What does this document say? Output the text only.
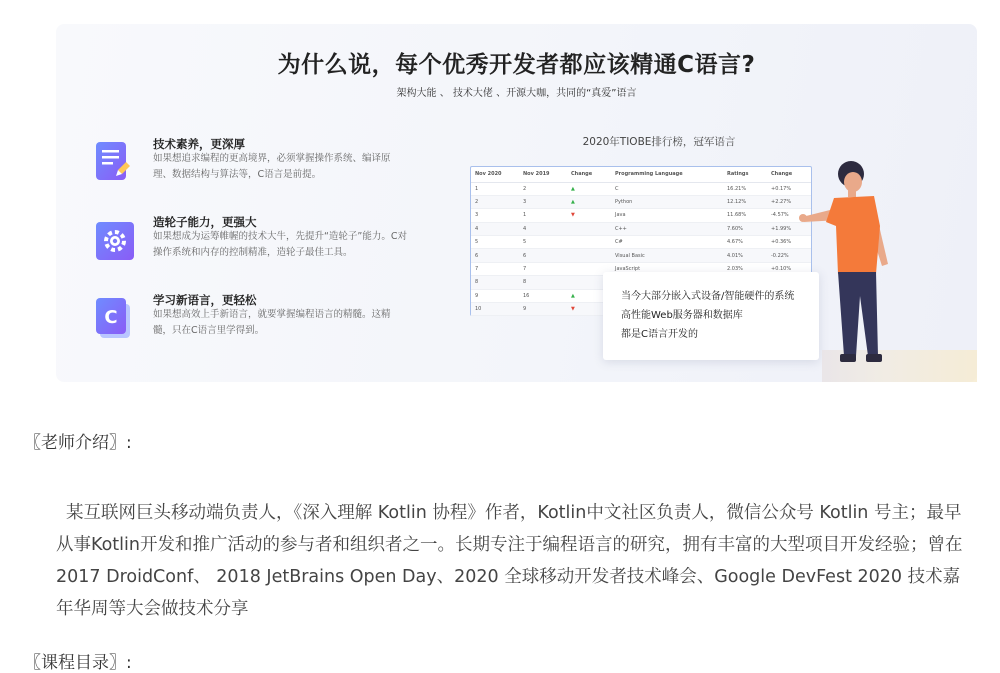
为什么说，每个优秀开发者都应该精通C语言?
架构大能 、 技术大佬 、开源大咖，共同的“真爱”语言
技术素养，更深厚
如果想追求编程的更高境界，必须掌握操作系统、编译原理、数据结构与算法等，C语言是前提。
造轮子能力，更强大
如果想成为运筹帷幄的技术大牛，先提升“造轮子”能力。C对操作系统和内存的控制精准，造轮子最佳工具。
C
学习新语言，更轻松
如果想高效上手新语言，就要掌握编程语言的精髓。这精髓，只在C语言里学得到。
2020年TIOBE排行榜，冠军语言
Nov 2020	Nov 2019	Change	Programming Language	Ratings	Change
1	2	▲	C	16.21%	+0.17%
2	3	▲	Python	12.12%	+2.27%
3	1	▼	Java	11.68%	-4.57%
4	4		C++	7.60%	+1.99%
5	5		C#	4.67%	+0.36%
6	6		Visual Basic	4.01%	-0.22%
7	7		JavaScript	2.03%	+0.10%
8	8				
9	16	▲			
10	9	▼			
当今大部分嵌入式设备/智能硬件的系统
高性能Web服务器和数据库
都是C语言开发的
〖老师介绍〗:
某互联网巨头移动端负责人，《深入理解 Kotlin 协程》作者，Kotlin中文社区负责人，微信公众号 Kotlin 号主；最早从事Kotlin开发和推广活动的参与者和组织者之一。长期专注于编程语言的研究，拥有丰富的大型项目开发经验；曾在 2017 DroidConf、 2018 JetBrains Open Day、2020 全球移动开发者技术峰会、Google DevFest 2020 技术嘉年华周等大会做技术分享
〖课程目录〗:
